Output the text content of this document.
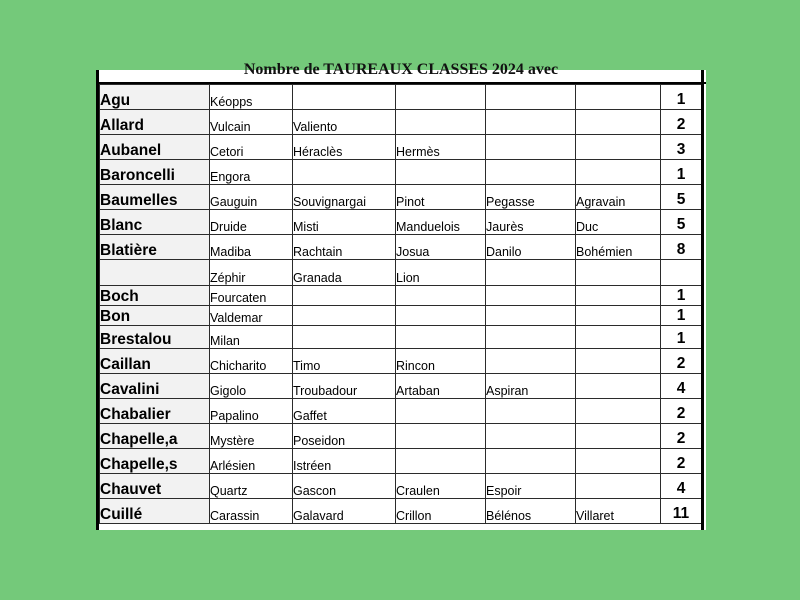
Nombre de TAUREAUX CLASSES 2024 avec
Agu	Kéopps					1
Allard	Vulcain	Valiento				2
Aubanel	Cetori	Héraclès	Hermès			3
Baroncelli	Engora					1
Baumelles	Gauguin	Souvignargai	Pinot	Pegasse	Agravain	5
Blanc	Druide	Misti	Manduelois	Jaurès	Duc	5
Blatière	Madiba	Rachtain	Josua	Danilo	Bohémien	8
	Zéphir	Granada	Lion			
Boch	Fourcaten					1
Bon	Valdemar					1
Brestalou	Milan					1
Caillan	Chicharito	Timo	Rincon			2
Cavalini	Gigolo	Troubadour	Artaban	Aspiran		4
Chabalier	Papalino	Gaffet				2
Chapelle,a	Mystère	Poseidon				2
Chapelle,s	Arlésien	Istréen				2
Chauvet	Quartz	Gascon	Craulen	Espoir		4
Cuillé	Carassin	Galavard	Crillon	Bélénos	Villaret	11
